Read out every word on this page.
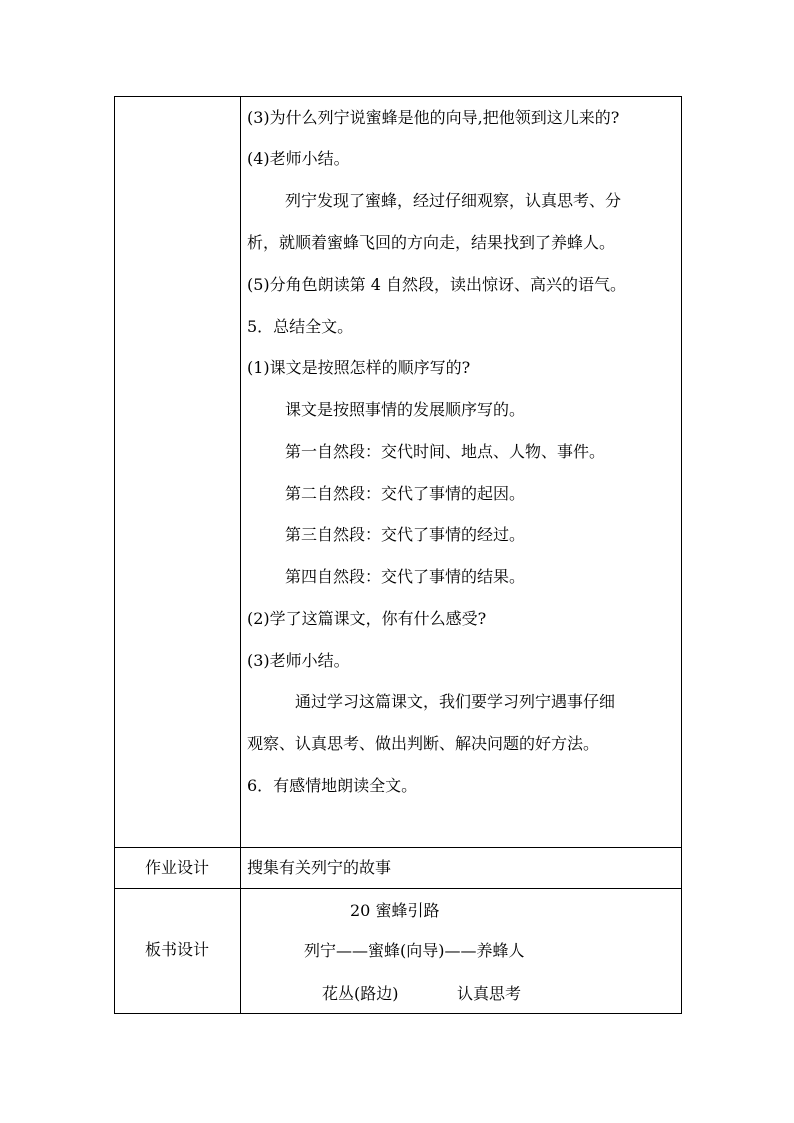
(3)为什么列宁说蜜蜂是他的向导,把他领到这儿来的?
(4)老师小结。
列宁发现了蜜蜂，经过仔细观察，认真思考、分
析，就顺着蜜蜂飞回的方向走，结果找到了养蜂人。
(5)分角色朗读第 4 自然段，读出惊讶、高兴的语气。
5．总结全文。
(1)课文是按照怎样的顺序写的?
课文是按照事情的发展顺序写的。
第一自然段：交代时间、地点、人物、事件。
第二自然段：交代了事情的起因。
第三自然段：交代了事情的经过。
第四自然段：交代了事情的结果。
(2)学了这篇课文，你有什么感受?
(3)老师小结。
通过学习这篇课文，我们要学习列宁遇事仔细
观察、认真思考、做出判断、解决问题的好方法。
6．有感情地朗读全文。
作业设计	搜集有关列宁的故事
板书设计
20 蜜蜂引路
列宁——蜜蜂(向导)——养蜂人
花丛(路边)	认真思考
